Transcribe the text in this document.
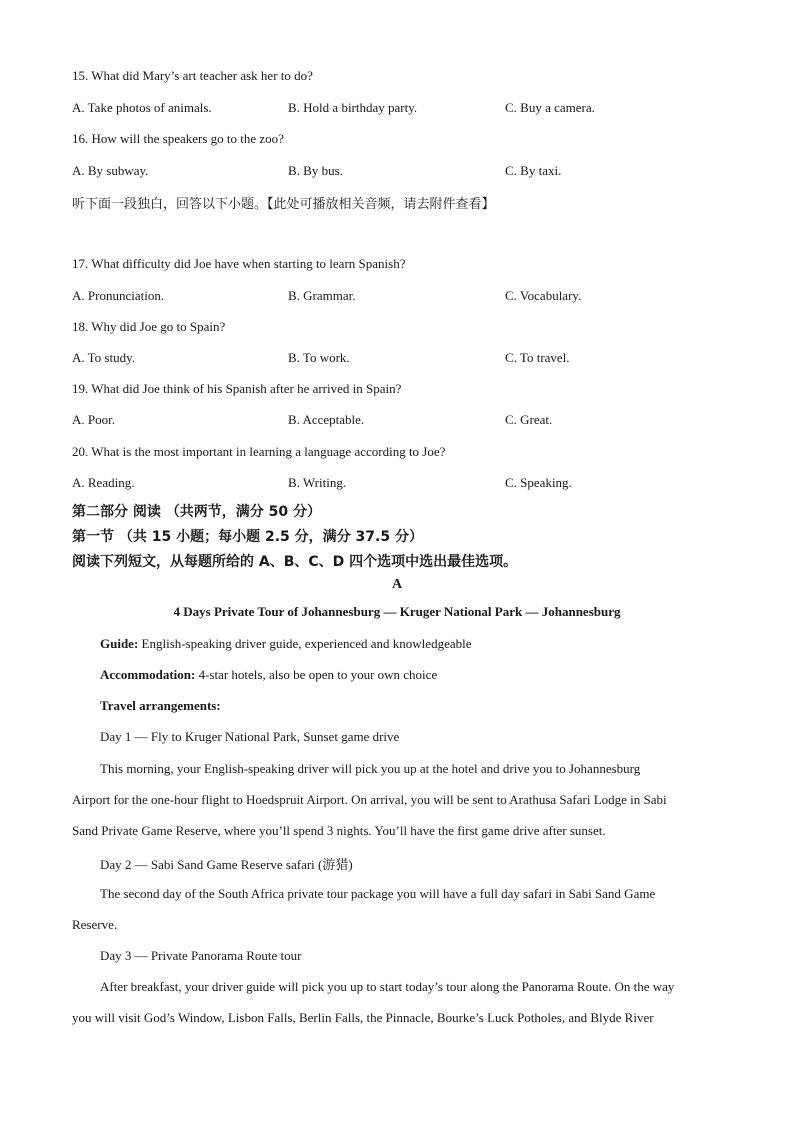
15. What did Mary’s art teacher ask her to do?
A. Take photos of animals.	B. Hold a birthday party.	C. Buy a camera.
16. How will the speakers go to the zoo?
A. By subway.	B. By bus.	C. By taxi.
听下面一段独白，回答以下小题。【此处可播放相关音频，请去附件查看】
17. What difficulty did Joe have when starting to learn Spanish?
A. Pronunciation.	B. Grammar.	C. Vocabulary.
18. Why did Joe go to Spain?
A. To study.	B. To work.	C. To travel.
19. What did Joe think of his Spanish after he arrived in Spain?
A. Poor.	B. Acceptable.	C. Great.
20. What is the most important in learning a language according to Joe?
A. Reading.	B. Writing.	C. Speaking.
第二部分 阅读 （共两节，满分 50 分）
第一节 （共 15 小题；每小题 2.5 分，满分 37.5 分）
阅读下列短文，从每题所给的 A、B、C、D 四个选项中选出最佳选项。
A
4 Days Private Tour of Johannesburg — Kruger National Park — Johannesburg
Guide: English-speaking driver guide, experienced and knowledgeable
Accommodation: 4-star hotels, also be open to your own choice
Travel arrangements:
Day 1 — Fly to Kruger National Park, Sunset game drive
This morning, your English-speaking driver will pick you up at the hotel and drive you to Johannesburg
Airport for the one-hour flight to Hoedspruit Airport. On arrival, you will be sent to Arathusa Safari Lodge in Sabi
Sand Private Game Reserve, where you’ll spend 3 nights. You’ll have the first game drive after sunset.
Day 2 — Sabi Sand Game Reserve safari (游猎)
The second day of the South Africa private tour package you will have a full day safari in Sabi Sand Game
Reserve.
Day 3 — Private Panorama Route tour
After breakfast, your driver guide will pick you up to start today’s tour along the Panorama Route. On the way
you will visit God’s Window, Lisbon Falls, Berlin Falls, the Pinnacle, Bourke’s Luck Potholes, and Blyde River
